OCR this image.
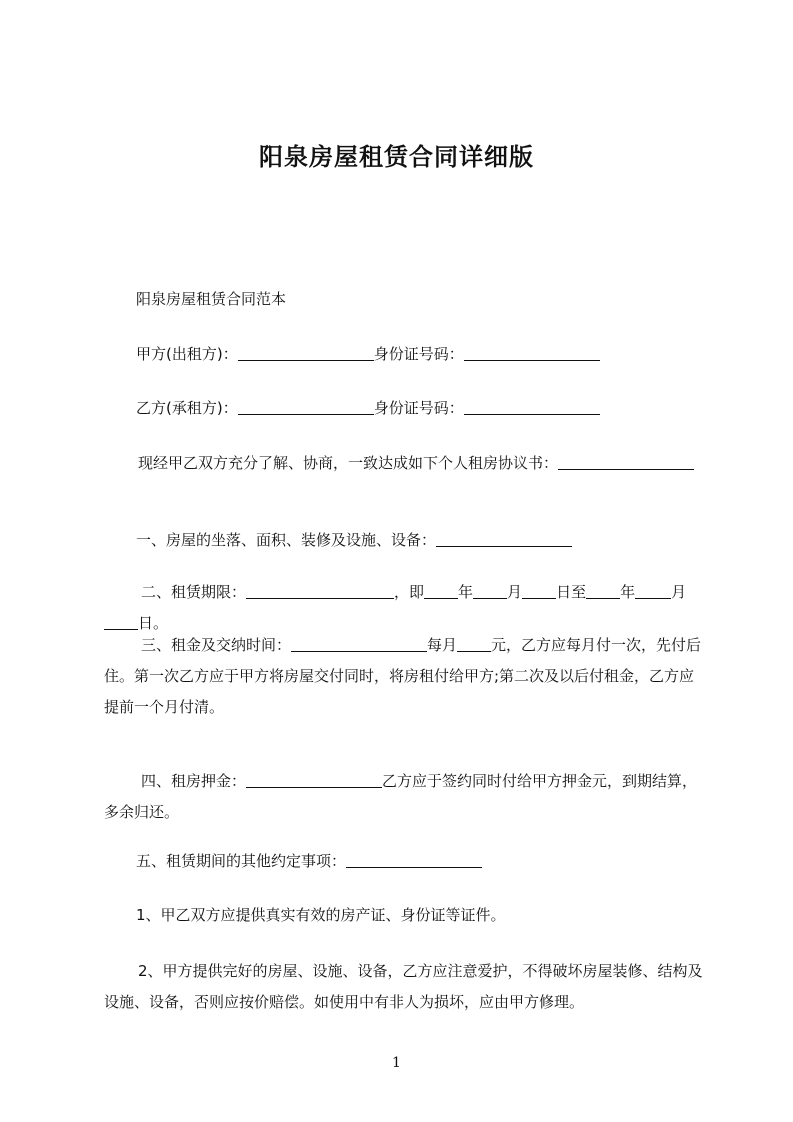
阳泉房屋租赁合同详细版

阳泉房屋租赁合同范本

甲方(出租方)：	身份证号码：

乙方(承租方)：	身份证号码：

现经甲乙双方充分了解、协商，一致达成如下个人租房协议书：

一、房屋的坐落、面积、装修及设施、设备：

二、租赁期限：	，即 年 月 日至 年 月日。

三、租金及交纳时间：	每月 元，乙方应每月付一次，先付后住。第一次乙方应于甲方将房屋交付同时，将房租付给甲方;第二次及以后付租金，乙方应提前一个月付清。

四、租房押金：	乙方应于签约同时付给甲方押金元，到期结算，多余归还。

五、租赁期间的其他约定事项：

1、甲乙双方应提供真实有效的房产证、身份证等证件。

2、甲方提供完好的房屋、设施、设备，乙方应注意爱护，不得破坏房屋装修、结构及设施、设备，否则应按价赔偿。如使用中有非人为损坏，应由甲方修理。

1
